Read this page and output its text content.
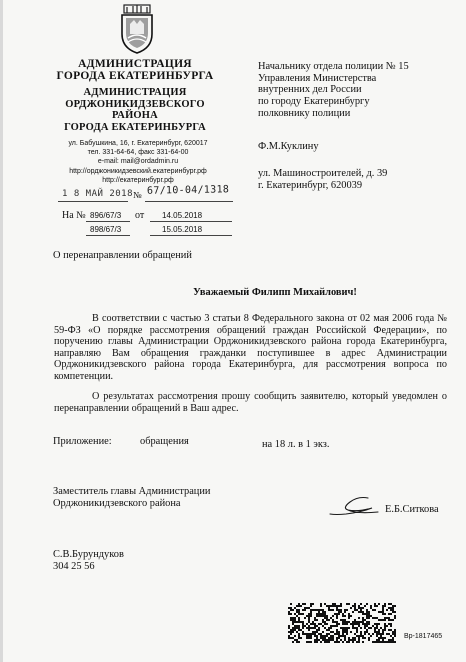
АДМИНИСТРАЦИЯ
ГОРОДА ЕКАТЕРИНБУРГА
АДМИНИСТРАЦИЯ
ОРДЖОНИКИДЗЕВСКОГО
РАЙОНА
ГОРОДА ЕКАТЕРИНБУРГА
ул. Бабушкина, 16, г. Екатеринбург, 620017
тел. 331-64-64, факс 331-64-00
e-mail: mail@ordadmin.ru
http://орджоникидзевский.екатеринбург.рф
http://екатеринбург.рф
1 8 МАЙ 2018 № 67/10-04/1318
На № 896/67/3 от 14.05.2018
898/67/3	15.05.2018
Начальнику отдела полиции № 15
Управления Министерства
внутренних дел России
по городу Екатеринбургу
полковнику полиции
Ф.М.Куклину
ул. Машиностроителей, д. 39
г. Екатеринбург, 620039
О перенаправлении обращений
Уважаемый Филипп Михайлович!
В соответствии с частью 3 статьи 8 Федерального закона от 02 мая 2006 года № 59-ФЗ «О порядке рассмотрения обращений граждан Российской Федерации», по поручению главы Администрации Орджоникидзевского района города Екатеринбурга, направляю Вам обращения гражданки поступившее в адрес Администрации Орджоникидзевского района города Екатеринбурга, для рассмотрения вопроса по компетенции.
О результатах рассмотрения прошу сообщить заявителю, который уведомлен о перенаправлении обращений в Ваш адрес.
Приложение:	обращения	на 18 л. в 1 экз.
Заместитель главы Администрации
Орджоникидзевского района
Е.Б.Ситкова
С.В.Бурундуков
304 25 56
Вр-1817465
